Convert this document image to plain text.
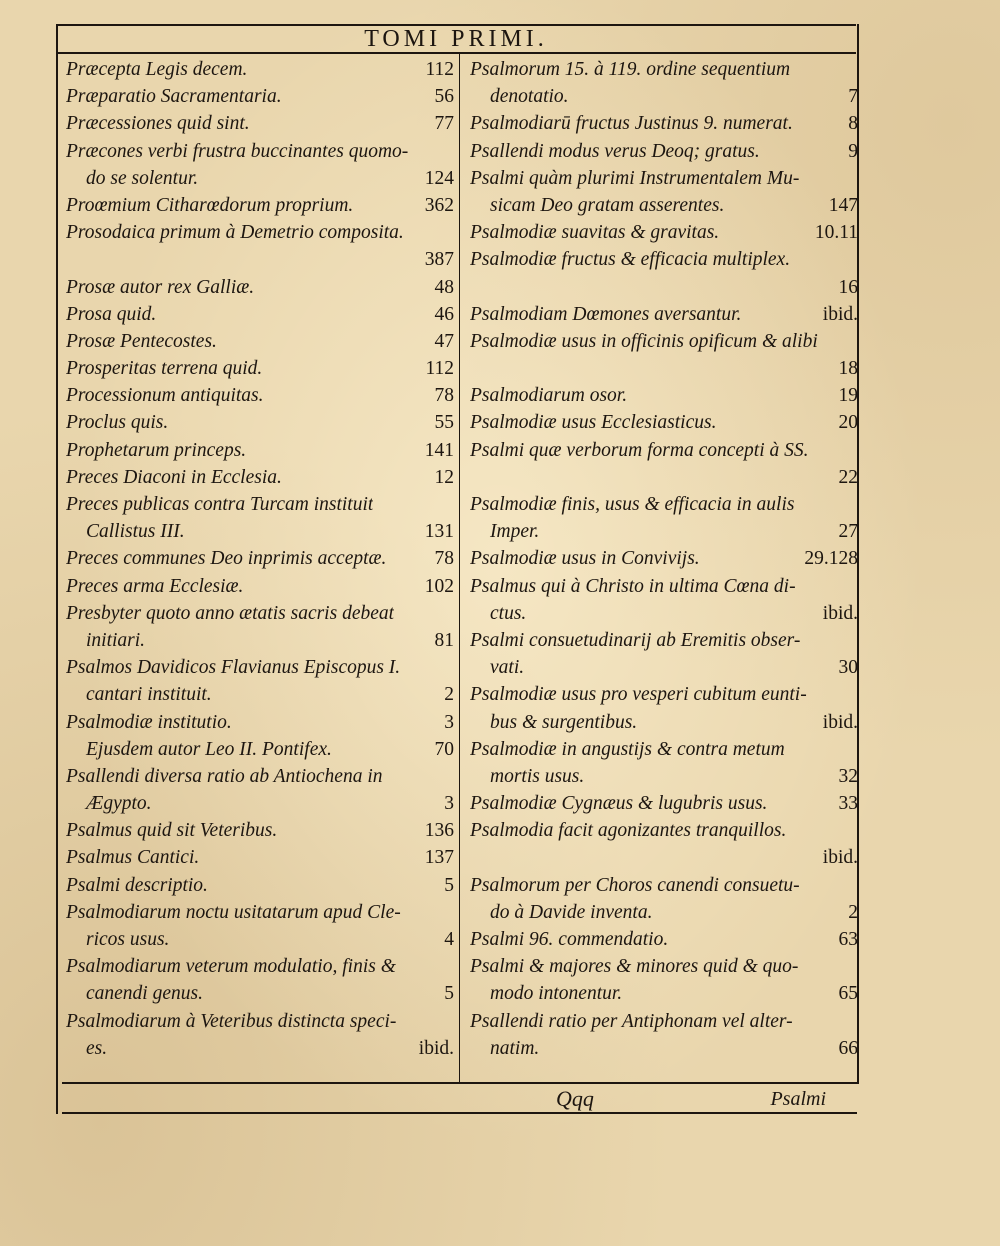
TOMI PRIMI.
Præcepta Legis decem.	112
Præparatio Sacramentaria.	56
Præcessiones quid sint.	77
Præcones verbi frustra buccinantes quomo-
do se solentur.	124
Proœmium Citharœdorum proprium.	362
Prosodaica primum à Demetrio composita.
387
Prosæ autor rex Galliæ.	48
Prosa quid.	46
Prosæ Pentecostes.	47
Prosperitas terrena quid.	112
Processionum antiquitas.	78
Proclus quis.	55
Prophetarum princeps.	141
Preces Diaconi in Ecclesia.	12
Preces publicas contra Turcam instituit
Callistus III.	131
Preces communes Deo inprimis acceptæ.	78
Preces arma Ecclesiæ.	102
Presbyter quoto anno ætatis sacris debeat
initiari.	81
Psalmos Davidicos Flavianus Episcopus I.
cantari instituit.	2
Psalmodiæ institutio.	3
Ejusdem autor Leo II. Pontifex.	70
Psallendi diversa ratio ab Antiochena in
Ægypto.	3
Psalmus quid sit Veteribus.	136
Psalmus Cantici.	137
Psalmi descriptio.	5
Psalmodiarum noctu usitatarum apud Cle-
ricos usus.	4
Psalmodiarum veterum modulatio, finis &
canendi genus.	5
Psalmodiarum à Veteribus distincta speci-
es.	ibid.
Psalmorum 15. à 119. ordine sequentium
denotatio.	7
Psalmodiarū fructus Justinus 9. numerat.	8
Psallendi modus verus Deoq; gratus.	9
Psalmi quàm plurimi Instrumentalem Mu-
sicam Deo gratam asserentes.	147
Psalmodiæ suavitas & gravitas.	10.11
Psalmodiæ fructus & efficacia multiplex.
16
Psalmodiam Dœmones aversantur.	ibid.
Psalmodiæ usus in officinis opificum & alibi
18
Psalmodiarum osor.	19
Psalmodiæ usus Ecclesiasticus.	20
Psalmi quæ verborum forma concepti à SS.
22
Psalmodiæ finis, usus & efficacia in aulis
Imper.	27
Psalmodiæ usus in Convivijs.	29.128
Psalmus qui à Christo in ultima Cœna di-
ctus.	ibid.
Psalmi consuetudinarij ab Eremitis obser-
vati.	30
Psalmodiæ usus pro vesperi cubitum eunti-
bus & surgentibus.	ibid.
Psalmodiæ in angustijs & contra metum
mortis usus.	32
Psalmodiæ Cygnæus & lugubris usus.	33
Psalmodia facit agonizantes tranquillos.
ibid.
Psalmorum per Choros canendi consuetu-
do à Davide inventa.	2
Psalmi 96. commendatio.	63
Psalmi & majores & minores quid & quo-
modo intonentur.	65
Psallendi ratio per Antiphonam vel alter-
natim.	66
Qqq	Psalmi
